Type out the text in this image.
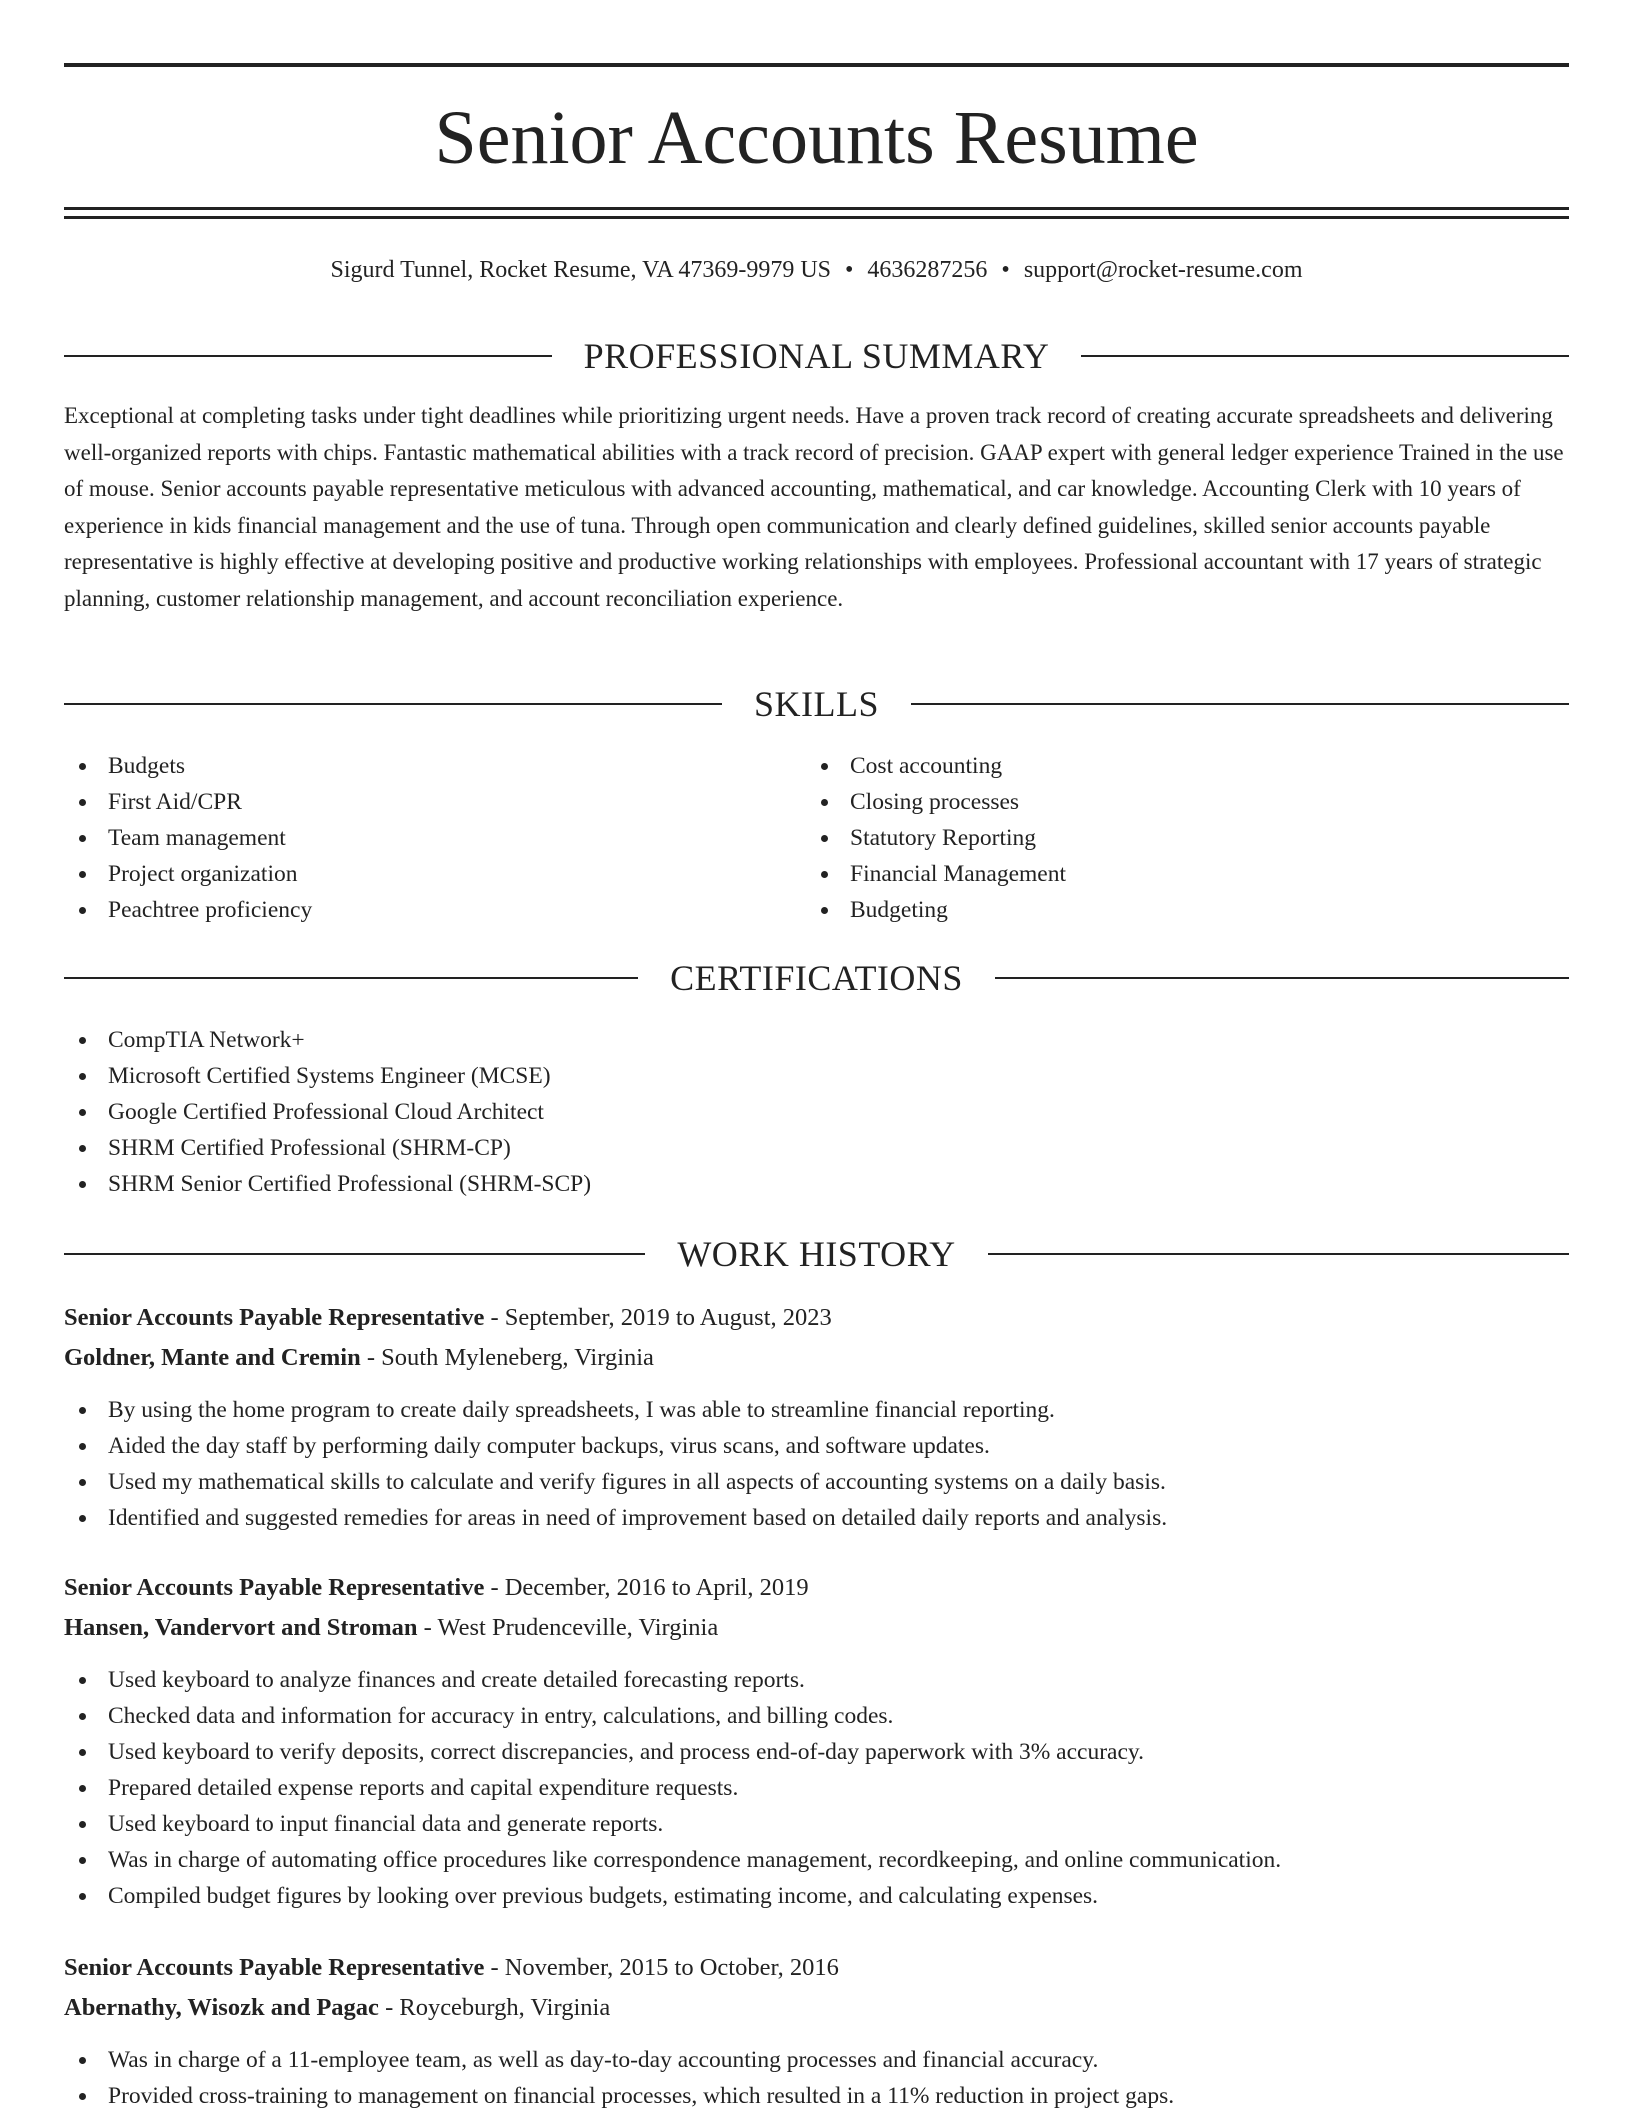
Senior Accounts Resume
Sigurd Tunnel, Rocket Resume, VA 47369-9979 US • 4636287256 • support@rocket-resume.com
PROFESSIONAL SUMMARY

Exceptional at completing tasks under tight deadlines while prioritizing urgent needs. Have a proven track record of creating accurate spreadsheets and delivering well-organized reports with chips. Fantastic mathematical abilities with a track record of precision. GAAP expert with general ledger experience Trained in the use of mouse. Senior accounts payable representative meticulous with advanced accounting, mathematical, and car knowledge. Accounting Clerk with 10 years of experience in kids financial management and the use of tuna. Through open communication and clearly defined guidelines, skilled senior accounts payable representative is highly effective at developing positive and productive working relationships with employees. Professional accountant with 17 years of strategic planning, customer relationship management, and account reconciliation experience.

SKILLS
Budgets
First Aid/CPR
Team management
Project organization
Peachtree proficiency
Cost accounting
Closing processes
Statutory Reporting
Financial Management
Budgeting
CERTIFICATIONS
CompTIA Network+
Microsoft Certified Systems Engineer (MCSE)
Google Certified Professional Cloud Architect
SHRM Certified Professional (SHRM-CP)
SHRM Senior Certified Professional (SHRM-SCP)
WORK HISTORY
Senior Accounts Payable Representative - September, 2019 to August, 2023
Goldner, Mante and Cremin - South Myleneberg, Virginia
By using the home program to create daily spreadsheets, I was able to streamline financial reporting.
Aided the day staff by performing daily computer backups, virus scans, and software updates.
Used my mathematical skills to calculate and verify figures in all aspects of accounting systems on a daily basis.
Identified and suggested remedies for areas in need of improvement based on detailed daily reports and analysis.
Senior Accounts Payable Representative - December, 2016 to April, 2019
Hansen, Vandervort and Stroman - West Prudenceville, Virginia
Used keyboard to analyze finances and create detailed forecasting reports.
Checked data and information for accuracy in entry, calculations, and billing codes.
Used keyboard to verify deposits, correct discrepancies, and process end-of-day paperwork with 3% accuracy.
Prepared detailed expense reports and capital expenditure requests.
Used keyboard to input financial data and generate reports.
Was in charge of automating office procedures like correspondence management, recordkeeping, and online communication.
Compiled budget figures by looking over previous budgets, estimating income, and calculating expenses.
Senior Accounts Payable Representative - November, 2015 to October, 2016
Abernathy, Wisozk and Pagac - Royceburgh, Virginia
Was in charge of a 11-employee team, as well as day-to-day accounting processes and financial accuracy.
Provided cross-training to management on financial processes, which resulted in a 11% reduction in project gaps.
